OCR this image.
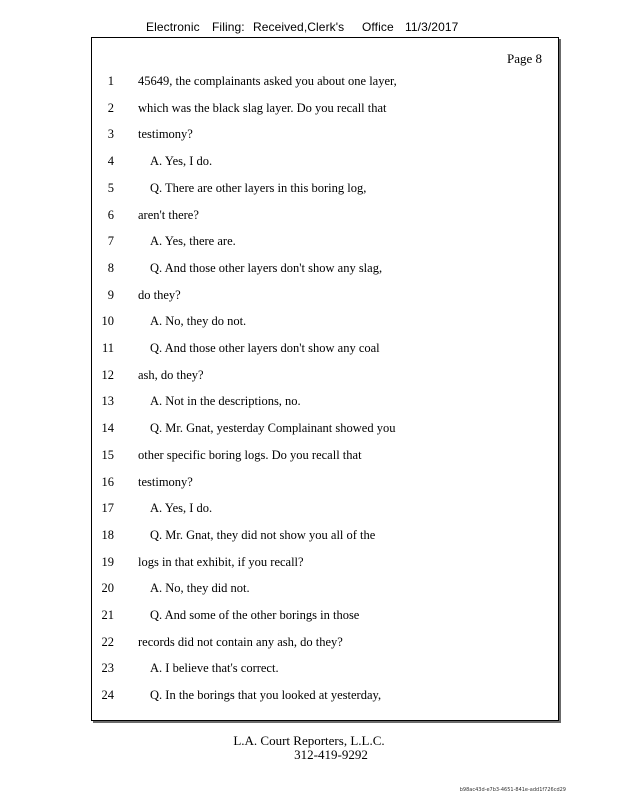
Electronic Filing: Received,Clerk's Office 11/3/2017
Page 8
1 45649, the complainants asked you about one layer,
2 which was the black slag layer. Do you recall that
3 testimony?
4	A. Yes, I do.
5	Q. There are other layers in this boring log,
6 aren't there?
7	A. Yes, there are.
8	Q. And those other layers don't show any slag,
9 do they?
10	A. No, they do not.
11	Q. And those other layers don't show any coal
12 ash, do they?
13	A. Not in the descriptions, no.
14	Q. Mr. Gnat, yesterday Complainant showed you
15 other specific boring logs. Do you recall that
16 testimony?
17	A. Yes, I do.
18	Q. Mr. Gnat, they did not show you all of the
19 logs in that exhibit, if you recall?
20	A. No, they did not.
21	Q. And some of the other borings in those
22 records did not contain any ash, do they?
23	A. I believe that's correct.
24	Q. In the borings that you looked at yesterday,
L.A. Court Reporters, L.L.C.
312-419-9292
b98ac43d-e7b3-4651-841e-add1f726cd29
